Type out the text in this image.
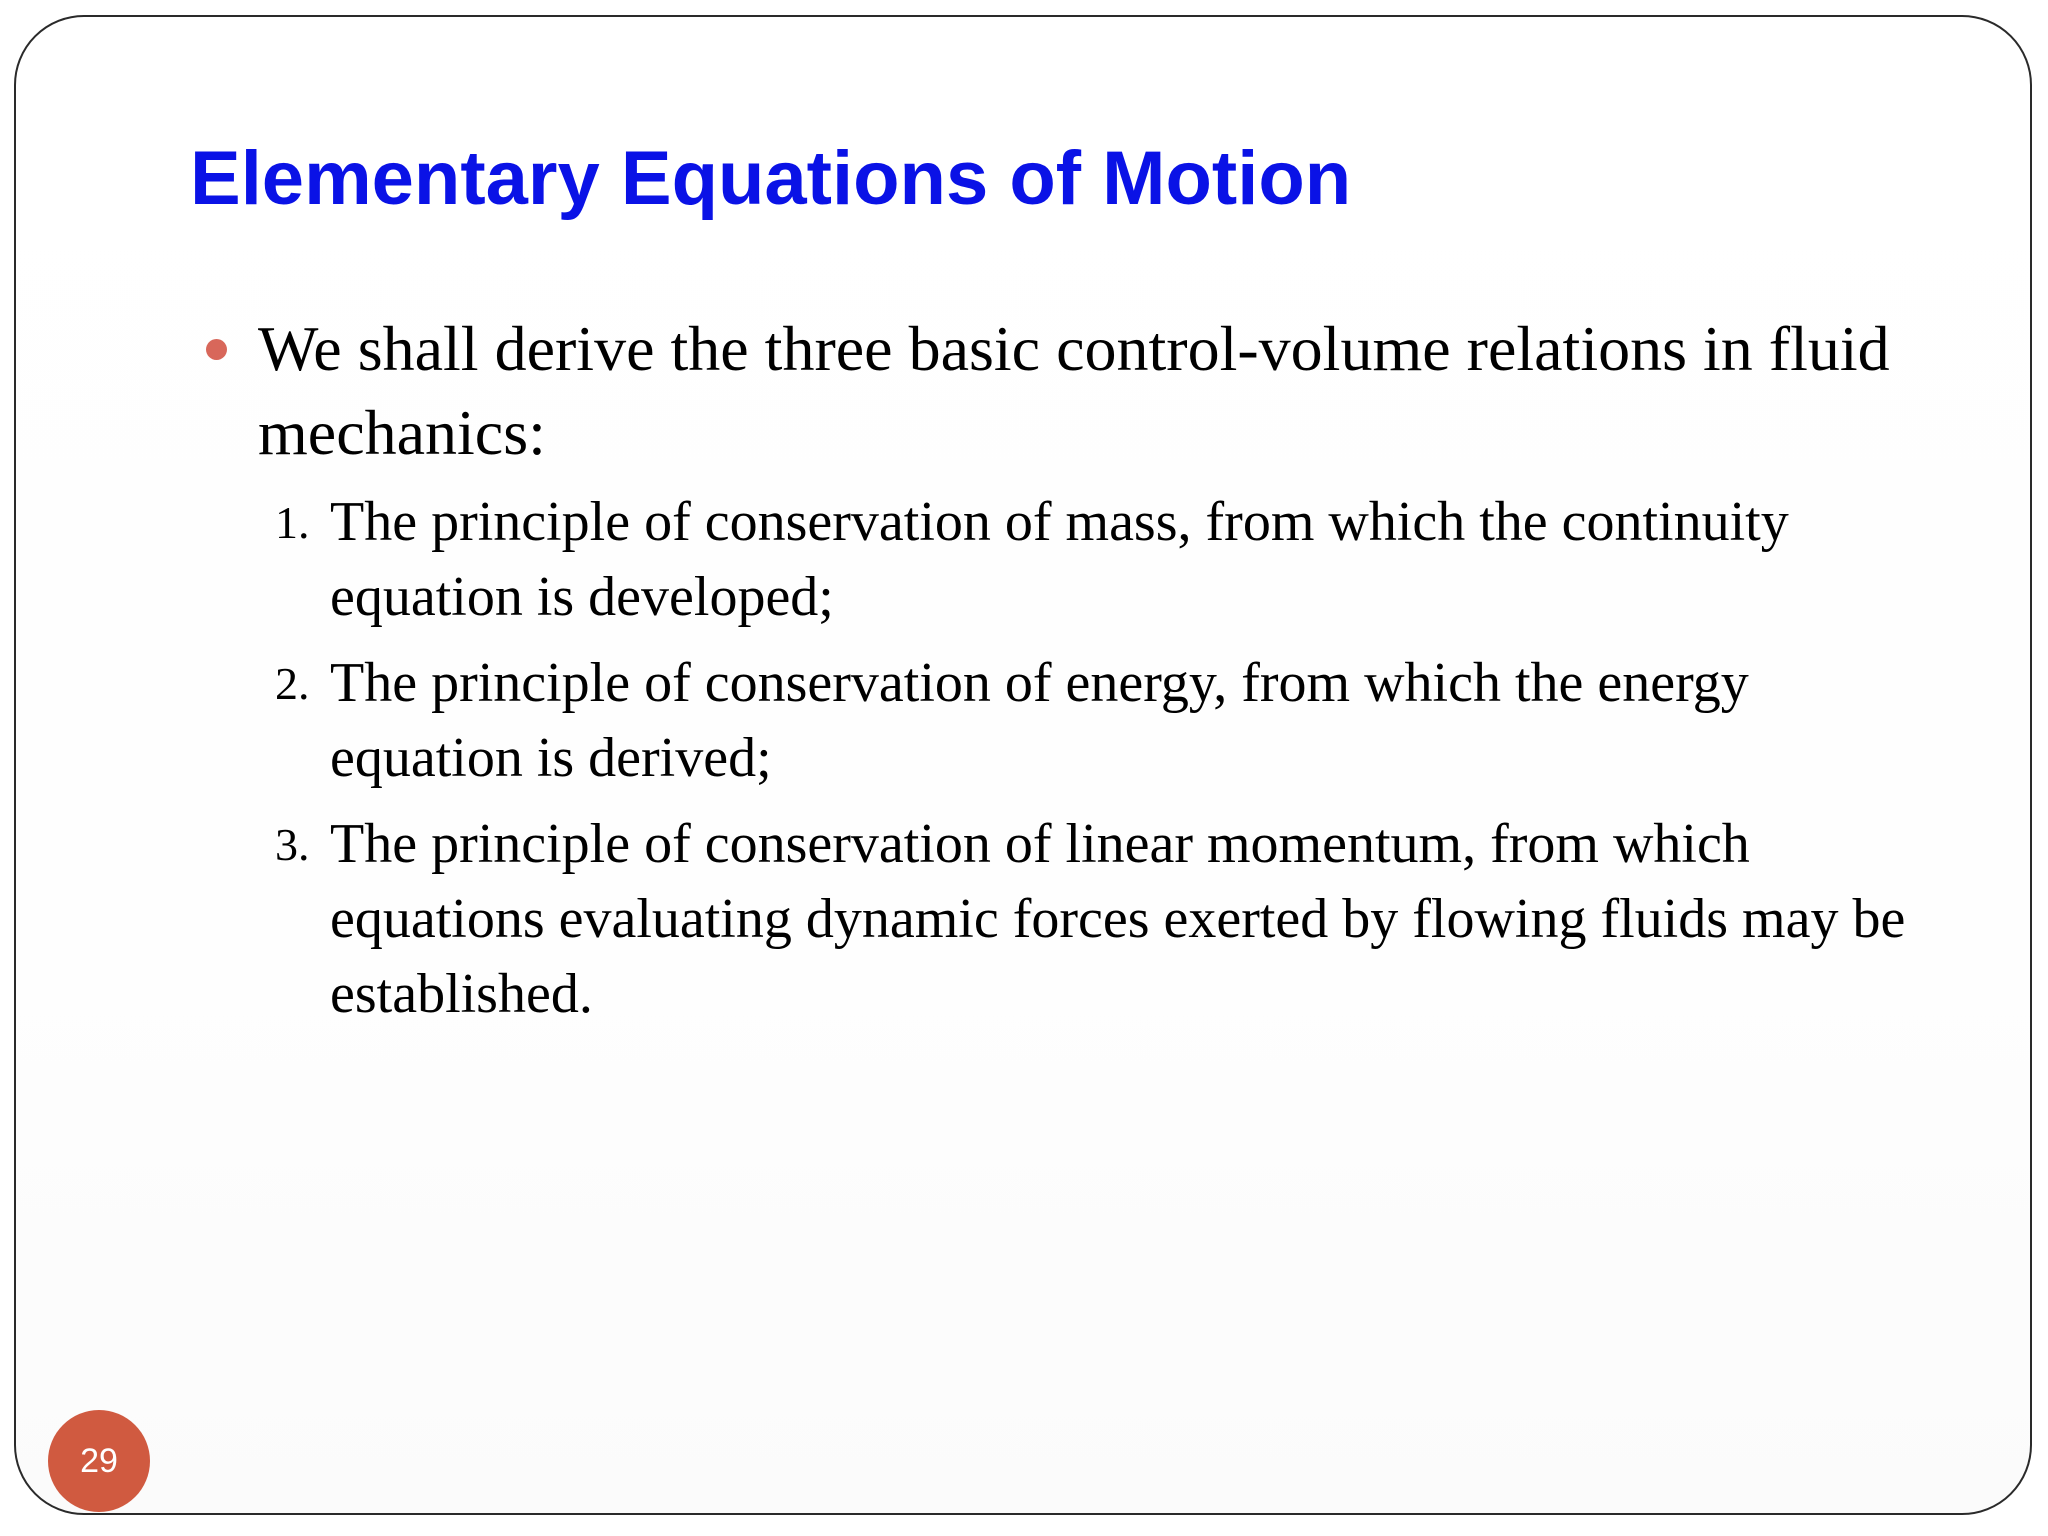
Elementary Equations of Motion
We shall derive the three basic control-volume relations in fluid mechanics:
1. The principle of conservation of mass, from which the continuity equation is developed;
2. The principle of conservation of energy, from which the energy equation is derived;
3. The principle of conservation of linear momentum, from which equations evaluating dynamic forces exerted by flowing fluids may be established.
29
